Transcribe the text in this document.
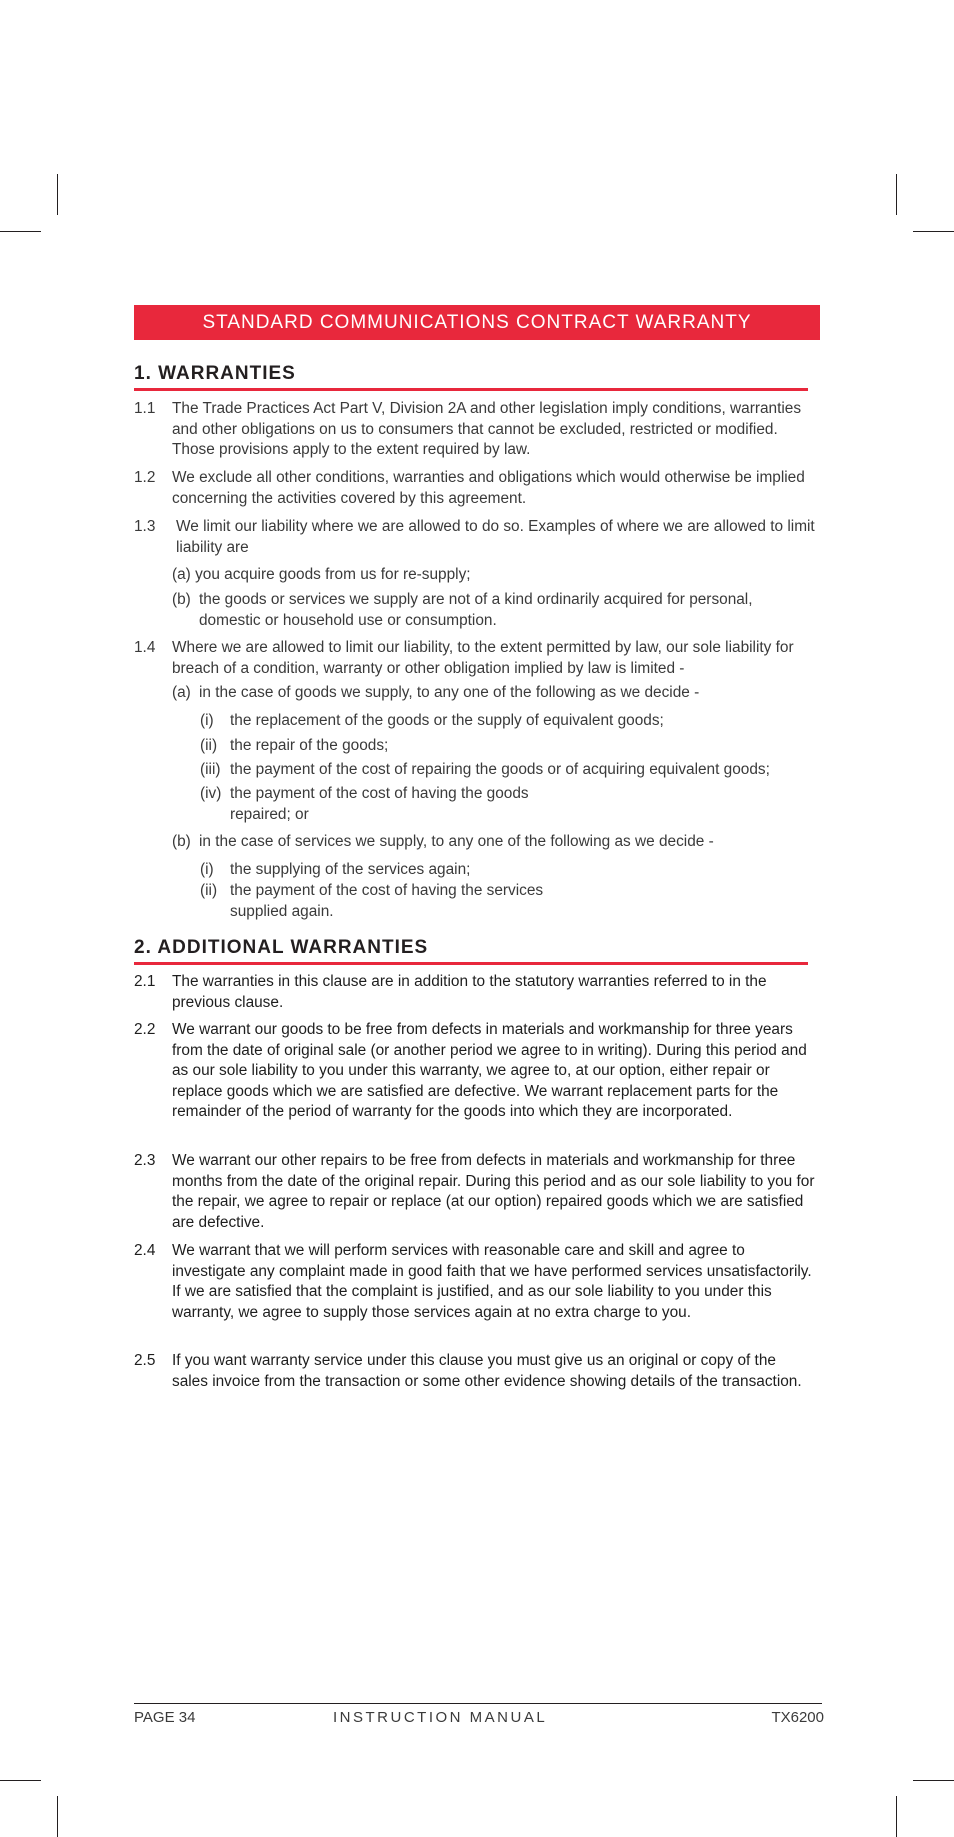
STANDARD COMMUNICATIONS CONTRACT WARRANTY
1. WARRANTIES
1.1 The Trade Practices Act Part V, Division 2A and other legislation imply conditions, warranties and other obligations on us to consumers that cannot be excluded, restricted or modified. Those provisions apply to the extent required by law.
1.2 We exclude all other conditions, warranties and obligations which would otherwise be implied concerning the activities covered by this agreement.
1.3 We limit our liability where we are allowed to do so. Examples of where we are allowed to limit liability are
(a) you acquire goods from us for re-supply;
(b) the goods or services we supply are not of a kind ordinarily acquired for personal, domestic or household use or consumption.
1.4 Where we are allowed to limit our liability, to the extent permitted by law, our sole liability for breach of a condition, warranty or other obligation implied by law is limited -
(a) in the case of goods we supply, to any one of the following as we decide -
(i) the replacement of the goods or the supply of equivalent goods;
(ii) the repair of the goods;
(iii) the payment of the cost of repairing the goods or of acquiring equivalent goods;
(iv) the payment of the cost of having the goods
repaired; or
(b) in the case of services we supply, to any one of the following as we decide -
(i) the supplying of the services again;
(ii) the payment of the cost of having the services
supplied again.
2. ADDITIONAL WARRANTIES
2.1 The warranties in this clause are in addition to the statutory warranties referred to in the previous clause.
2.2 We warrant our goods to be free from defects in materials and workmanship for three years from the date of original sale (or another period we agree to in writing). During this period and as our sole liability to you under this warranty, we agree to, at our option, either repair or replace goods which we are satisfied are defective. We warrant replacement parts for the remainder of the period of warranty for the goods into which they are incorporated.
2.3 We warrant our other repairs to be free from defects in materials and workmanship for three months from the date of the original repair. During this period and as our sole liability to you for the repair, we agree to repair or replace (at our option) repaired goods which we are satisfied are defective.
2.4 We warrant that we will perform services with reasonable care and skill and agree to investigate any complaint made in good faith that we have performed services unsatisfactorily. If we are satisfied that the complaint is justified, and as our sole liability to you under this warranty, we agree to supply those services again at no extra charge to you.
2.5 If you want warranty service under this clause you must give us an original or copy of the sales invoice from the transaction or some other evidence showing details of the transaction.
PAGE 34	INSTRUCTION MANUAL	TX6200
